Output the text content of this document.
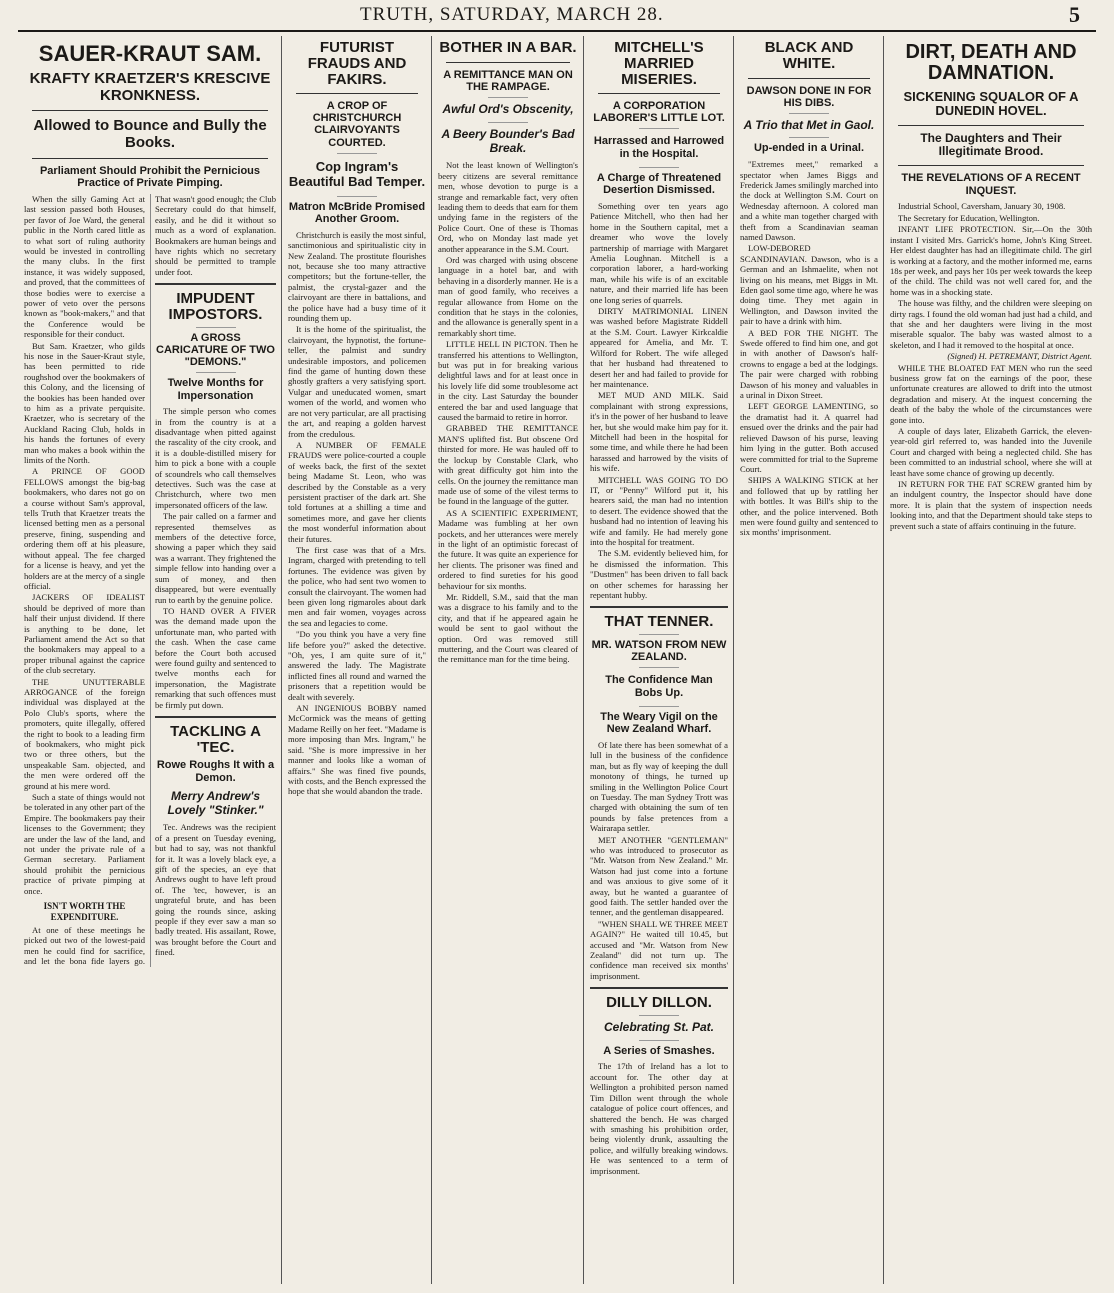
TRUTH, SATURDAY, MARCH 28.	5
SAUER-KRAUT SAM.
KRAFTY KRAETZER'S KRESCIVE KRONKNESS.
Allowed to Bounce and Bully the Books.
Parliament Should Prohibit the Pernicious Practice of Private Pimping.

When the silly Gaming Act at last session passed both Houses, per favor of Joe Ward, the general public in the North cared little as to what sort of ruling authority would be invested in controlling the many clubs. In the first instance, it was widely supposed, and proved, that the committees of those bodies were to exercise a power of veto over the persons known as "book-makers," and that the Conference would be responsible for their conduct.

But Sam. Kraetzer, who gilds his nose in the Sauer-Kraut style, has been permitted to ride roughshod over the bookmakers of this Colony, and the licensing of the bookies has been handed over to him as a private perquisite. Kraetzer, who is secretary of the Auckland Racing Club, holds in his hands the fortunes of every man who makes a book within the limits of the North.

A PRINCE OF GOOD FELLOWS amongst the big-bag bookmakers, who dares not go on a course without Sam's approval, tells Truth that Kraetzer treats the licensed betting men as a personal preserve, fining, suspending and ordering them off at his pleasure, without appeal. The fee charged for a license is heavy, and yet the holders are at the mercy of a single official.

JACKERS OF IDEALIST should be deprived of more than half their unjust dividend. If there is anything to be done, let Parliament amend the Act so that the bookmakers may appeal to a proper tribunal against the caprice of the club secretary.

THE UNUTTERABLE ARROGANCE of the foreign individual was displayed at the Polo Club's sports, where the promoters, quite illegally, offered the right to book to a leading firm of bookmakers, who might pick two or three others, but the unspeakable Sam. objected, and the men were ordered off the ground at his mere word.

Such a state of things would not be tolerated in any other part of the Empire. The bookmakers pay their licenses to the Government; they are under the law of the land, and not under the private rule of a German secretary. Parliament should prohibit the pernicious practice of private pimping at once.

ISN'T WORTH THE EXPENDITURE.

At one of these meetings he picked out two of the lowest-paid men he could find for sacrifice, and let the bona fide layers go. That wasn't good enough; the Club Secretary could do that himself, easily, and he did it without so much as a word of explanation. Bookmakers are human beings and have rights which no secretary should be permitted to trample under foot.

IMPUDENT IMPOSTORS.
A GROSS CARICATURE OF TWO "DEMONS."
Twelve Months for Impersonation

The simple person who comes in from the country is at a disadvantage when pitted against the rascality of the city crook, and it is a double-distilled misery for him to pick a bone with a couple of scoundrels who call themselves detectives. Such was the case at Christchurch, where two men impersonated officers of the law.

The pair called on a farmer and represented themselves as members of the detective force, showing a paper which they said was a warrant. They frightened the simple fellow into handing over a sum of money, and then disappeared, but were eventually run to earth by the genuine police.

TO HAND OVER A FIVER was the demand made upon the unfortunate man, who parted with the cash. When the case came before the Court both accused were found guilty and sentenced to twelve months each for impersonation, the Magistrate remarking that such offences must be firmly put down.

TACKLING A 'TEC.
Rowe Roughs It with a Demon.
Merry Andrew's Lovely "Stinker."

Tec. Andrews was the recipient of a present on Tuesday evening, but had to say, was not thankful for it. It was a lovely black eye, a gift of the species, an eye that Andrews ought to have left proud of. The 'tec, however, is an ungrateful brute, and has been going the rounds since, asking people if they ever saw a man so badly treated. His assailant, Rowe, was brought before the Court and fined.

FUTURIST FRAUDS AND FAKIRS.
A CROP OF CHRISTCHURCH CLAIRVOYANTS COURTED.
Cop Ingram's Beautiful Bad Temper.
Matron McBride Promised Another Groom.

Christchurch is easily the most sinful, sanctimonious and spiritualistic city in New Zealand. The prostitute flourishes not, because she too many attractive competitors; but the fortune-teller, the palmist, the crystal-gazer and the clairvoyant are there in battalions, and the police have had a busy time of it rounding them up.

It is the home of the spiritualist, the clairvoyant, the hypnotist, the fortune-teller, the palmist and sundry undesirable impostors, and policemen find the game of hunting down these ghostly grafters a very satisfying sport. Vulgar and uneducated women, smart women of the world, and women who are not very particular, are all practising the art, and reaping a golden harvest from the credulous.

A NUMBER OF FEMALE FRAUDS were police-courted a couple of weeks back, the first of the sextet being Madame St. Leon, who was described by the Constable as a very persistent practiser of the dark art. She told fortunes at a shilling a time and sometimes more, and gave her clients the most wonderful information about their futures.

The first case was that of a Mrs. Ingram, charged with pretending to tell fortunes. The evidence was given by the police, who had sent two women to consult the clairvoyant. The women had been given long rigmaroles about dark men and fair women, voyages across the sea and legacies to come.

"Do you think you have a very fine life before you?" asked the detective. "Oh, yes, I am quite sure of it," answered the lady. The Magistrate inflicted fines all round and warned the prisoners that a repetition would be dealt with severely.

AN INGENIOUS BOBBY named McCormick was the means of getting Madame Reilly on her feet. "Madame is more imposing than Mrs. Ingram," he said. "She is more impressive in her manner and looks like a woman of affairs." She was fined five pounds, with costs, and the Bench expressed the hope that she would abandon the trade.

BOTHER IN A BAR.
A REMITTANCE MAN ON THE RAMPAGE.
Awful Ord's Obscenity,
A Beery Bounder's Bad Break.

Not the least known of Wellington's beery citizens are several remittance men, whose devotion to purge is a strange and remarkable fact, very often leading them to deeds that earn for them undying fame in the registers of the Police Court. One of these is Thomas Ord, who on Monday last made yet another appearance in the S.M. Court.

Ord was charged with using obscene language in a hotel bar, and with behaving in a disorderly manner. He is a man of good family, who receives a regular allowance from Home on the condition that he stays in the colonies, and the allowance is generally spent in a remarkably short time.

LITTLE HELL IN PICTON. Then he transferred his attentions to Wellington, but was put in for breaking various delightful laws and for at least once in his lovely life did some troublesome act in the city. Last Saturday the bounder entered the bar and used language that caused the barmaid to retire in horror.

GRABBED THE REMITTANCE MAN'S uplifted fist. But obscene Ord thirsted for more. He was hauled off to the lockup by Constable Clark, who with great difficulty got him into the cells. On the journey the remittance man made use of some of the vilest terms to be found in the language of the gutter.

AS A SCIENTIFIC EXPERIMENT, Madame was fumbling at her own pockets, and her utterances were merely in the light of an optimistic forecast of the future. It was quite an experience for her clients. The prisoner was fined and ordered to find sureties for his good behaviour for six months.

Mr. Riddell, S.M., said that the man was a disgrace to his family and to the city, and that if he appeared again he would be sent to gaol without the option. Ord was removed still muttering, and the Court was cleared of the remittance man for the time being.

MITCHELL'S MARRIED MISERIES.
A CORPORATION LABORER'S LITTLE LOT.
Harrassed and Harrowed in the Hospital.
A Charge of Threatened Desertion Dismissed.

Something over ten years ago Patience Mitchell, who then had her home in the Southern capital, met a dreamer who wove the lovely partnership of marriage with Margaret Amelia Loughnan. Mitchell is a corporation laborer, a hard-working man, while his wife is of an excitable nature, and their married life has been one long series of quarrels.

DIRTY MATRIMONIAL LINEN was washed before Magistrate Riddell at the S.M. Court. Lawyer Kirkcaldie appeared for Amelia, and Mr. T. Wilford for Robert. The wife alleged that her husband had threatened to desert her and had failed to provide for her maintenance.

MET MUD AND MILK. Said complainant with strong expressions, it's in the power of her husband to leave her, but she would make him pay for it. Mitchell had been in the hospital for some time, and while there he had been harassed and harrowed by the visits of his wife.

MITCHELL WAS GOING TO DO IT, or "Penny" Wilford put it, his hearers said, the man had no intention to desert. The evidence showed that the husband had no intention of leaving his wife and family. He had merely gone into the hospital for treatment.

The S.M. evidently believed him, for he dismissed the information. This "Dustmen" has been driven to fall back on other schemes for harassing her repentant hubby.

THAT TENNER.
MR. WATSON FROM NEW ZEALAND.
The Confidence Man Bobs Up.
The Weary Vigil on the New Zealand Wharf.

Of late there has been somewhat of a lull in the business of the confidence man, but as fly way of keeping the dull monotony of things, he turned up smiling in the Wellington Police Court on Tuesday. The man Sydney Trott was charged with obtaining the sum of ten pounds by false pretences from a Wairarapa settler.

MET ANOTHER "GENTLEMAN" who was introduced to prosecutor as "Mr. Watson from New Zealand." Mr. Watson had just come into a fortune and was anxious to give some of it away, but he wanted a guarantee of good faith. The settler handed over the tenner, and the gentleman disappeared.

"WHEN SHALL WE THREE MEET AGAIN?" He waited till 10.45, but accused and "Mr. Watson from New Zealand" did not turn up. The confidence man received six months' imprisonment.

DILLY DILLON.
Celebrating St. Pat.
A Series of Smashes.

The 17th of Ireland has a lot to account for. The other day at Wellington a prohibited person named Tim Dillon went through the whole catalogue of police court offences, and shattered the bench. He was charged with smashing his prohibition order, being violently drunk, assaulting the police, and wilfully breaking windows. He was sentenced to a term of imprisonment.

BLACK AND WHITE.
DAWSON DONE IN FOR HIS DIBS.
A Trio that Met in Gaol.
Up-ended in a Urinal.

"Extremes meet," remarked a spectator when James Biggs and Frederick James smilingly marched into the dock at Wellington S.M. Court on Wednesday afternoon. A colored man and a white man together charged with theft from a Scandinavian seaman named Dawson.

LOW-DEBORED SCANDINAVIAN. Dawson, who is a German and an Ishmaelite, when not living on his means, met Biggs in Mt. Eden gaol some time ago, where he was doing time. They met again in Wellington, and Dawson invited the pair to have a drink with him.

A BED FOR THE NIGHT. The Swede offered to find him one, and got in with another of Dawson's half-crowns to engage a bed at the lodgings. The pair were charged with robbing Dawson of his money and valuables in a urinal in Dixon Street.

LEFT GEORGE LAMENTING, so the dramatist had it. A quarrel had ensued over the drinks and the pair had relieved Dawson of his purse, leaving him lying in the gutter. Both accused were committed for trial to the Supreme Court.

SHIPS A WALKING STICK at her and followed that up by rattling her with bottles. It was Bill's ship to the other, and the police intervened. Both men were found guilty and sentenced to six months' imprisonment.

DIRT, DEATH AND DAMNATION.
SICKENING SQUALOR OF A DUNEDIN HOVEL.
The Daughters and Their Illegitimate Brood.
THE REVELATIONS OF A RECENT INQUEST.

Industrial School, Caversham, January 30, 1908.

The Secretary for Education, Wellington.

INFANT LIFE PROTECTION. Sir,—On the 30th instant I visited Mrs. Garrick's home, John's King Street. Her eldest daughter has had an illegitimate child. The girl is working at a factory, and the mother informed me, earns 18s per week, and pays her 10s per week towards the keep of the child. The child was not well cared for, and the home was in a shocking state.

The house was filthy, and the children were sleeping on dirty rags. I found the old woman had just had a child, and that she and her daughters were living in the most miserable squalor. The baby was wasted almost to a skeleton, and I had it removed to the hospital at once.

(Signed) H. PETREMANT, District Agent.

WHILE THE BLOATED FAT MEN who run the seed business grow fat on the earnings of the poor, these unfortunate creatures are allowed to drift into the utmost degradation and misery. At the inquest concerning the death of the baby the whole of the circumstances were gone into.

A couple of days later, Elizabeth Garrick, the eleven-year-old girl referred to, was handed into the Juvenile Court and charged with being a neglected child. She has been committed to an industrial school, where she will at least have some chance of growing up decently.

IN RETURN FOR THE FAT SCREW granted him by an indulgent country, the Inspector should have done more. It is plain that the system of inspection needs looking into, and that the Department should take steps to prevent such a state of affairs continuing in the future.
